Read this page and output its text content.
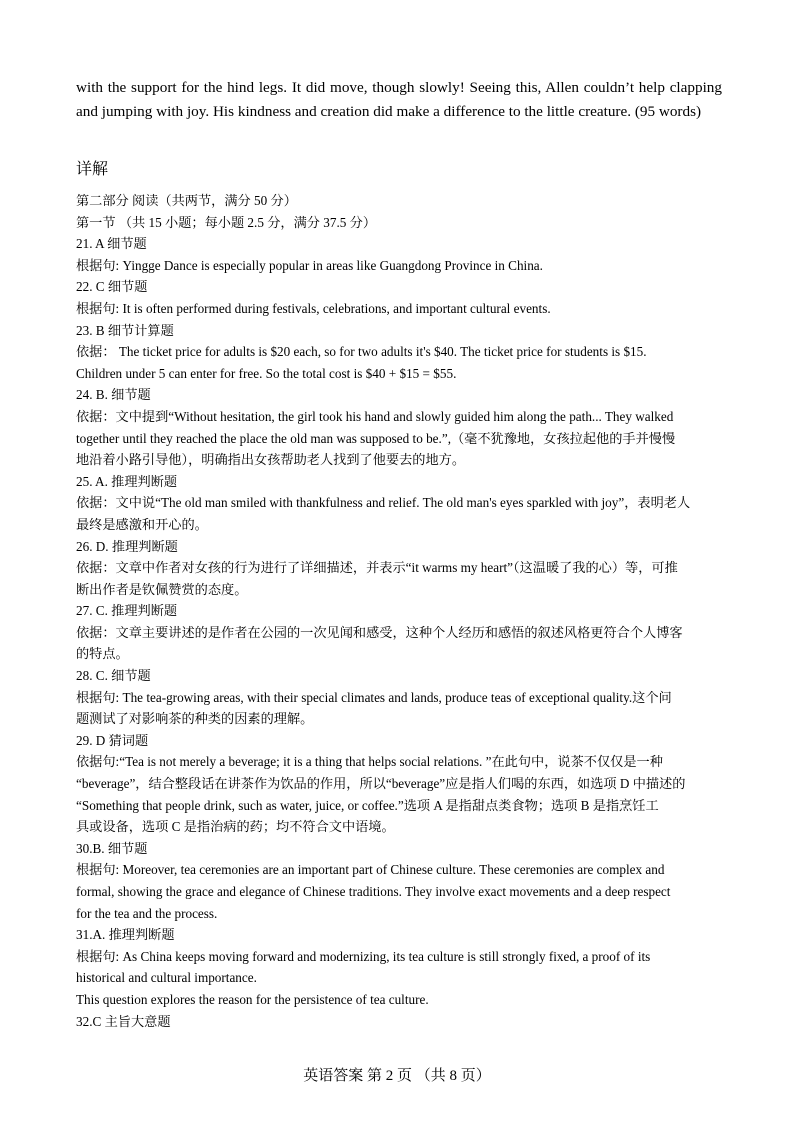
with the support for the hind legs. It did move, though slowly! Seeing this, Allen couldn’t help clapping and jumping with joy. His kindness and creation did make a difference to the little creature. (95 words)

详解
第二部分 阅读（共两节，满分 50 分）
第一节 （共 15 小题；每小题 2.5 分，满分 37.5 分）
21. A 细节题
根据句: Yingge Dance is especially popular in areas like Guangdong Province in China.
22. C 细节题
根据句: It is often performed during festivals, celebrations, and important cultural events.
23. B 细节计算题
依据： The ticket price for adults is $20 each, so for two adults it's $40. The ticket price for students is $15.
Children under 5 can enter for free. So the total cost is $40 + $15 = $55.
24. B. 细节题
依据：文中提到“Without hesitation, the girl took his hand and slowly guided him along the path... They walked
together until they reached the place the old man was supposed to be.”,（毫不犹豫地，女孩拉起他的手并慢慢
地沿着小路引导他），明确指出女孩帮助老人找到了他要去的地方。
25. A. 推理判断题
依据：文中说“The old man smiled with thankfulness and relief. The old man's eyes sparkled with joy”，表明老人
最终是感激和开心的。
26. D. 推理判断题
依据：文章中作者对女孩的行为进行了详细描述，并表示“it warms my heart”（这温暖了我的心）等，可推
断出作者是钦佩赞赏的态度。
27. C. 推理判断题
依据：文章主要讲述的是作者在公园的一次见闻和感受，这种个人经历和感悟的叙述风格更符合个人博客
的特点。
28. C. 细节题
根据句: The tea-growing areas, with their special climates and lands, produce teas of exceptional quality.这个问
题测试了对影响茶的种类的因素的理解。
29. D 猜词题
依据句:“Tea is not merely a beverage; it is a thing that helps social relations. ”在此句中，说茶不仅仅是一种
“beverage”，结合整段话在讲茶作为饮品的作用，所以“beverage”应是指人们喝的东西，如选项 D 中描述的
“Something that people drink, such as water, juice, or coffee.”选项 A 是指甜点类食物；选项 B 是指烹饪工
具或设备，选项 C 是指治病的药；均不符合文中语境。
30.B. 细节题
根据句: Moreover, tea ceremonies are an important part of Chinese culture. These ceremonies are complex and
formal, showing the grace and elegance of Chinese traditions. They involve exact movements and a deep respect
for the tea and the process.
31.A. 推理判断题
根据句: As China keeps moving forward and modernizing, its tea culture is still strongly fixed, a proof of its
historical and cultural importance.
This question explores the reason for the persistence of tea culture.
32.C 主旨大意题
英语答案 第 2 页 （共 8 页）
